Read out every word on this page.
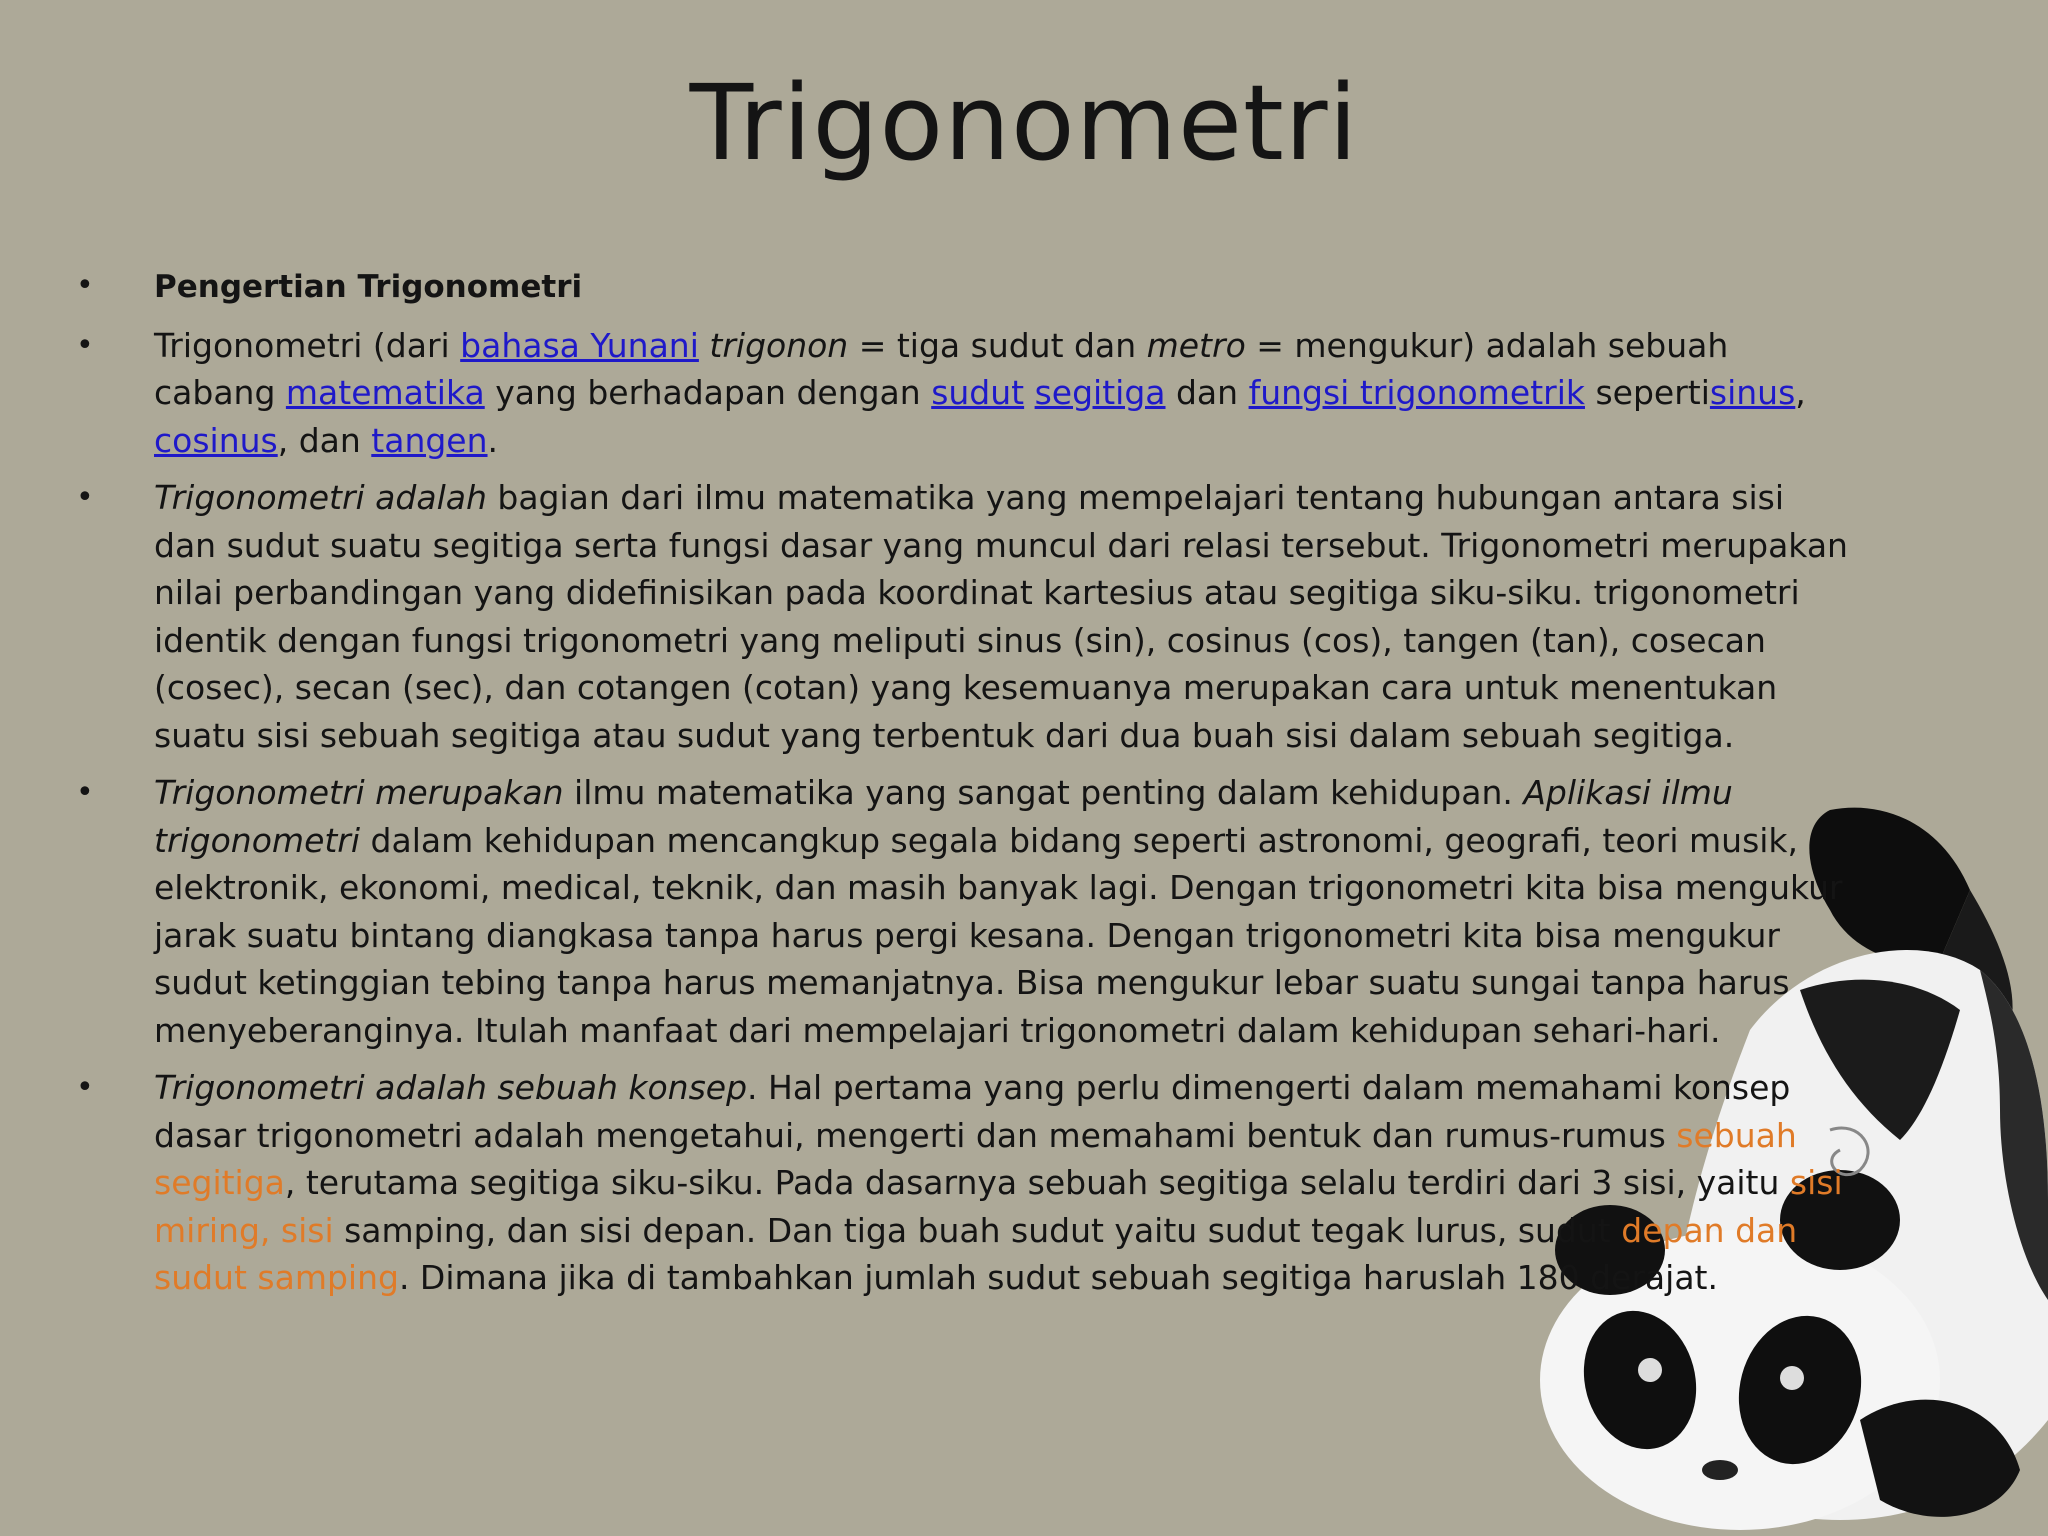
Trigonometri
• Pengertian Trigonometri
• Trigonometri (dari bahasa Yunani trigonon = tiga sudut dan metro = mengukur) adalah sebuah cabang matematika yang berhadapan dengan sudut segitiga dan fungsi trigonometrik sepertisinus, cosinus, dan tangen.
• Trigonometri adalah bagian dari ilmu matematika yang mempelajari tentang hubungan antara sisi dan sudut suatu segitiga serta fungsi dasar yang muncul dari relasi tersebut. Trigonometri merupakan nilai perbandingan yang didefinisikan pada koordinat kartesius atau segitiga siku-siku. trigonometri identik dengan fungsi trigonometri yang meliputi sinus (sin), cosinus (cos), tangen (tan), cosecan (cosec), secan (sec), dan cotangen (cotan) yang kesemuanya merupakan cara untuk menentukan suatu sisi sebuah segitiga atau sudut yang terbentuk dari dua buah sisi dalam sebuah segitiga.
• Trigonometri merupakan ilmu matematika yang sangat penting dalam kehidupan. Aplikasi ilmu trigonometri dalam kehidupan mencangkup segala bidang seperti astronomi, geografi, teori musik, elektronik, ekonomi, medical, teknik, dan masih banyak lagi. Dengan trigonometri kita bisa mengukur jarak suatu bintang diangkasa tanpa harus pergi kesana. Dengan trigonometri kita bisa mengukur sudut ketinggian tebing tanpa harus memanjatnya. Bisa mengukur lebar suatu sungai tanpa harus menyeberanginya. Itulah manfaat dari mempelajari trigonometri dalam kehidupan sehari-hari.
• Trigonometri adalah sebuah konsep. Hal pertama yang perlu dimengerti dalam memahami konsep dasar trigonometri adalah mengetahui, mengerti dan memahami bentuk dan rumus-rumus sebuah segitiga, terutama segitiga siku-siku. Pada dasarnya sebuah segitiga selalu terdiri dari 3 sisi, yaitu sisi miring, sisi samping, dan sisi depan. Dan tiga buah sudut yaitu sudut tegak lurus, sudut depan dan sudut samping. Dimana jika di tambahkan jumlah sudut sebuah segitiga haruslah 180 derajat.
